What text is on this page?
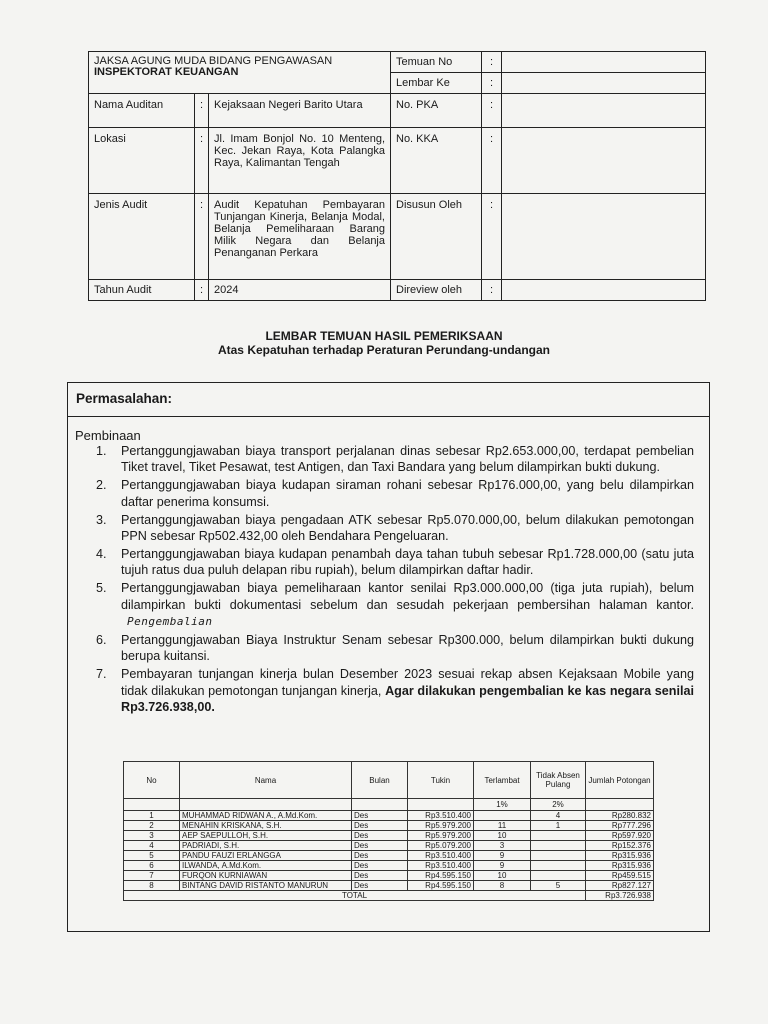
JAKSA AGUNG MUDA BIDANG PENGAWASAN
INSPEKTORAT KEUANGAN			Temuan No	:	
			Lembar Ke	:	
Nama Auditan	:	Kejaksaan Negeri Barito Utara	No. PKA	:	
Lokasi	:	Jl. Imam Bonjol No. 10 Menteng, Kec. Jekan Raya, Kota Palangka Raya, Kalimantan Tengah	No. KKA	:	
Jenis Audit	:	Audit Kepatuhan Pembayaran Tunjangan Kinerja, Belanja Modal, Belanja Pemeliharaan Barang Milik Negara dan Belanja Penanganan Perkara	Disusun Oleh	:	
Tahun Audit	:	2024	Direview oleh	:	
LEMBAR TEMUAN HASIL PEMERIKSAAN
Atas Kepatuhan terhadap Peraturan Perundang-undangan
Permasalahan:
Pembinaan
1. Pertanggungjawaban biaya transport perjalanan dinas sebesar Rp2.653.000,00, terdapat pembelian Tiket travel, Tiket Pesawat, test Antigen, dan Taxi Bandara yang belum dilampirkan bukti dukung.
2. Pertanggungjawaban biaya kudapan siraman rohani sebesar Rp176.000,00, yang belu dilampirkan daftar penerima konsumsi.
3. Pertanggungjawaban biaya pengadaan ATK sebesar Rp5.070.000,00, belum dilakukan pemotongan PPN sebesar Rp502.432,00 oleh Bendahara Pengeluaran.
4. Pertanggungjawaban biaya kudapan penambah daya tahan tubuh sebesar Rp1.728.000,00 (satu juta tujuh ratus dua puluh delapan ribu rupiah), belum dilampirkan daftar hadir.
5. Pertanggungjawaban biaya pemeliharaan kantor senilai Rp3.000.000,00 (tiga juta rupiah), belum dilampirkan bukti dokumentasi sebelum dan sesudah pekerjaan pembersihan halaman kantor. Pengembalian
6. Pertanggungjawaban Biaya Instruktur Senam sebesar Rp300.000, belum dilampirkan bukti dukung berupa kuitansi.
7. Pembayaran tunjangan kinerja bulan Desember 2023 sesuai rekap absen Kejaksaan Mobile yang tidak dilakukan pemotongan tunjangan kinerja, Agar dilakukan pengembalian ke kas negara senilai Rp3.726.938,00.
No	Nama	Bulan	Tukin	Terlambat	Tidak Absen Pulang	Jumlah Potongan
				1%	2%	
1	MUHAMMAD RIDWAN A., A.Md.Kom.	Des	Rp3.510.400		4	Rp280.832
2	MENAHIN KRISKANA, S.H.	Des	Rp5.979.200	11	1	Rp777.296
3	AEP SAEPULLOH, S.H.	Des	Rp5.979.200	10		Rp597.920
4	PADRIADI, S.H.	Des	Rp5.079.200	3		Rp152.376
5	PANDU FAUZI ERLANGGA	Des	Rp3.510.400	9		Rp315.936
6	ILWANDA, A.Md.Kom.	Des	Rp3.510.400	9		Rp315.936
7	FURQON KURNIAWAN	Des	Rp4.595.150	10		Rp459.515
8	BINTANG DAVID RISTANTO MANURUN	Des	Rp4.595.150	8	5	Rp827.127
TOTAL						Rp3.726.938
